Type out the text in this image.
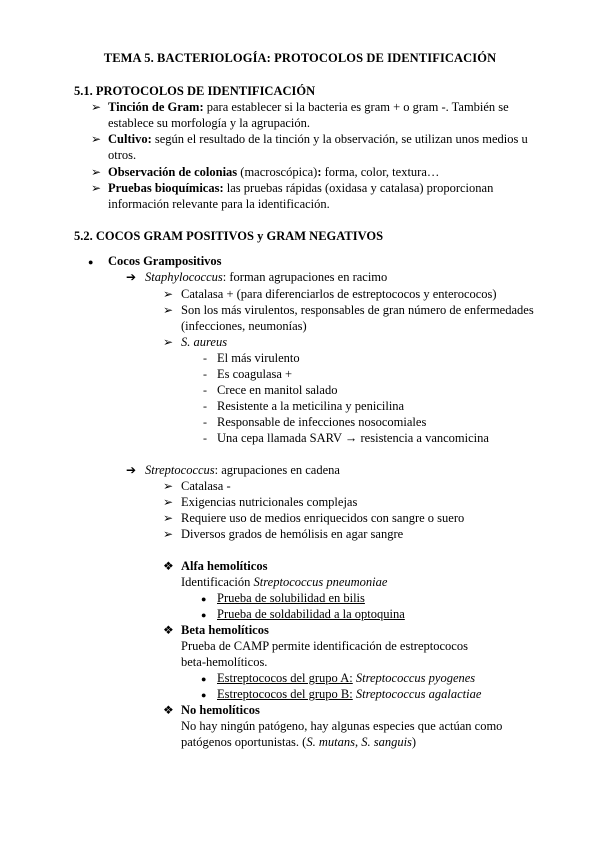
TEMA 5. BACTERIOLOGÍA: PROTOCOLOS DE IDENTIFICACIÓN
5.1. PROTOCOLOS DE IDENTIFICACIÓN
➢ Tinción de Gram: para establecer si la bacteria es gram + o gram -. También se
establece su morfología y la agrupación.
➢ Cultivo: según el resultado de la tinción y la observación, se utilizan unos medios u
otros.
➢ Observación de colonias (macroscópica): forma, color, textura…
➢ Pruebas bioquímicas: las pruebas rápidas (oxidasa y catalasa) proporcionan
información relevante para la identificación.
5.2. COCOS GRAM POSITIVOS y GRAM NEGATIVOS
● Cocos Grampositivos
➔ Staphylococcus: forman agrupaciones en racimo
➢ Catalasa + (para diferenciarlos de estreptococos y enterococos)
➢ Son los más virulentos, responsables de gran número de enfermedades
(infecciones, neumonías)
➢ S. aureus
- El más virulento
- Es coagulasa +
- Crece en manitol salado
- Resistente a la meticilina y penicilina
- Responsable de infecciones nosocomiales
- Una cepa llamada SARV → resistencia a vancomicina
➔ Streptococcus: agrupaciones en cadena
➢ Catalasa -
➢ Exigencias nutricionales complejas
➢ Requiere uso de medios enriquecidos con sangre o suero
➢ Diversos grados de hemólisis en agar sangre
❖ Alfa hemolíticos
Identificación Streptococcus pneumoniae
● Prueba de solubilidad en bilis
● Prueba de soldabilidad a la optoquina
❖ Beta hemolíticos
Prueba de CAMP permite identificación de estreptococos
beta-hemolíticos.
● Estreptococos del grupo A: Streptococcus pyogenes
● Estreptococos del grupo B: Streptococcus agalactiae
❖ No hemolíticos
No hay ningún patógeno, hay algunas especies que actúan como
patógenos oportunistas. (S. mutans, S. sanguis)
